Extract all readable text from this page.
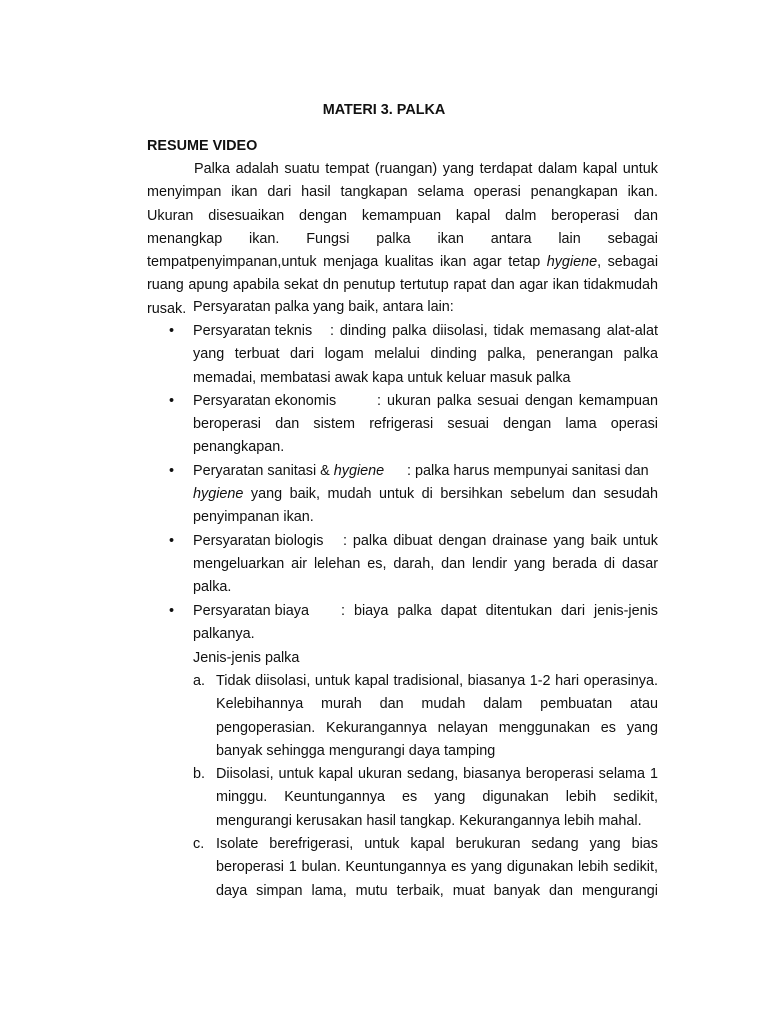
MATERI 3. PALKA
RESUME VIDEO
Palka adalah suatu tempat (ruangan) yang terdapat dalam kapal untuk menyimpan ikan dari hasil tangkapan selama operasi penangkapan ikan. Ukuran disesuaikan dengan kemampuan kapal dalm beroperasi dan menangkap ikan. Fungsi palka ikan antara lain sebagai tempatpenyimpanan,untuk menjaga kualitas ikan agar tetap hygiene, sebagai ruang apung apabila sekat dn penutup tertutup rapat dan agar ikan tidakmudah rusak. Persyaratan palka yang baik, antara lain:
• Persyaratan teknis : dinding palka diisolasi, tidak memasang alat-alat yang terbuat dari logam melalui dinding palka, penerangan palka memadai, membatasi awak kapa untuk keluar masuk palka
• Persyaratan ekonomis	: ukuran palka sesuai dengan kemampuan beroperasi dan sistem refrigerasi sesuai dengan lama operasi penangkapan.
• Peryaratan sanitasi & hygiene : palka harus mempunyai sanitasi dan
hygiene yang baik, mudah untuk di bersihkan sebelum dan sesudah penyimpanan ikan.
• Persyaratan biologis : palka dibuat dengan drainase yang baik untuk mengeluarkan air lelehan es, darah, dan lendir yang berada di dasar palka.
• Persyaratan biaya : biaya palka dapat ditentukan dari jenis-jenis palkanya.
Jenis-jenis palka
a. Tidak diisolasi, untuk kapal tradisional, biasanya 1-2 hari operasinya. Kelebihannya murah dan mudah dalam pembuatan atau pengoperasian. Kekurangannya nelayan menggunakan es yang banyak sehingga mengurangi daya tamping
b. Diisolasi, untuk kapal ukuran sedang, biasanya beroperasi selama 1 minggu. Keuntungannya es yang digunakan lebih sedikit, mengurangi kerusakan hasil tangkap. Kekurangannya lebih mahal.
c. Isolate berefrigerasi, untuk kapal berukuran sedang yang bias beroperasi 1 bulan. Keuntungannya es yang digunakan lebih sedikit, daya simpan lama, mutu terbaik, muat banyak dan mengurangi
